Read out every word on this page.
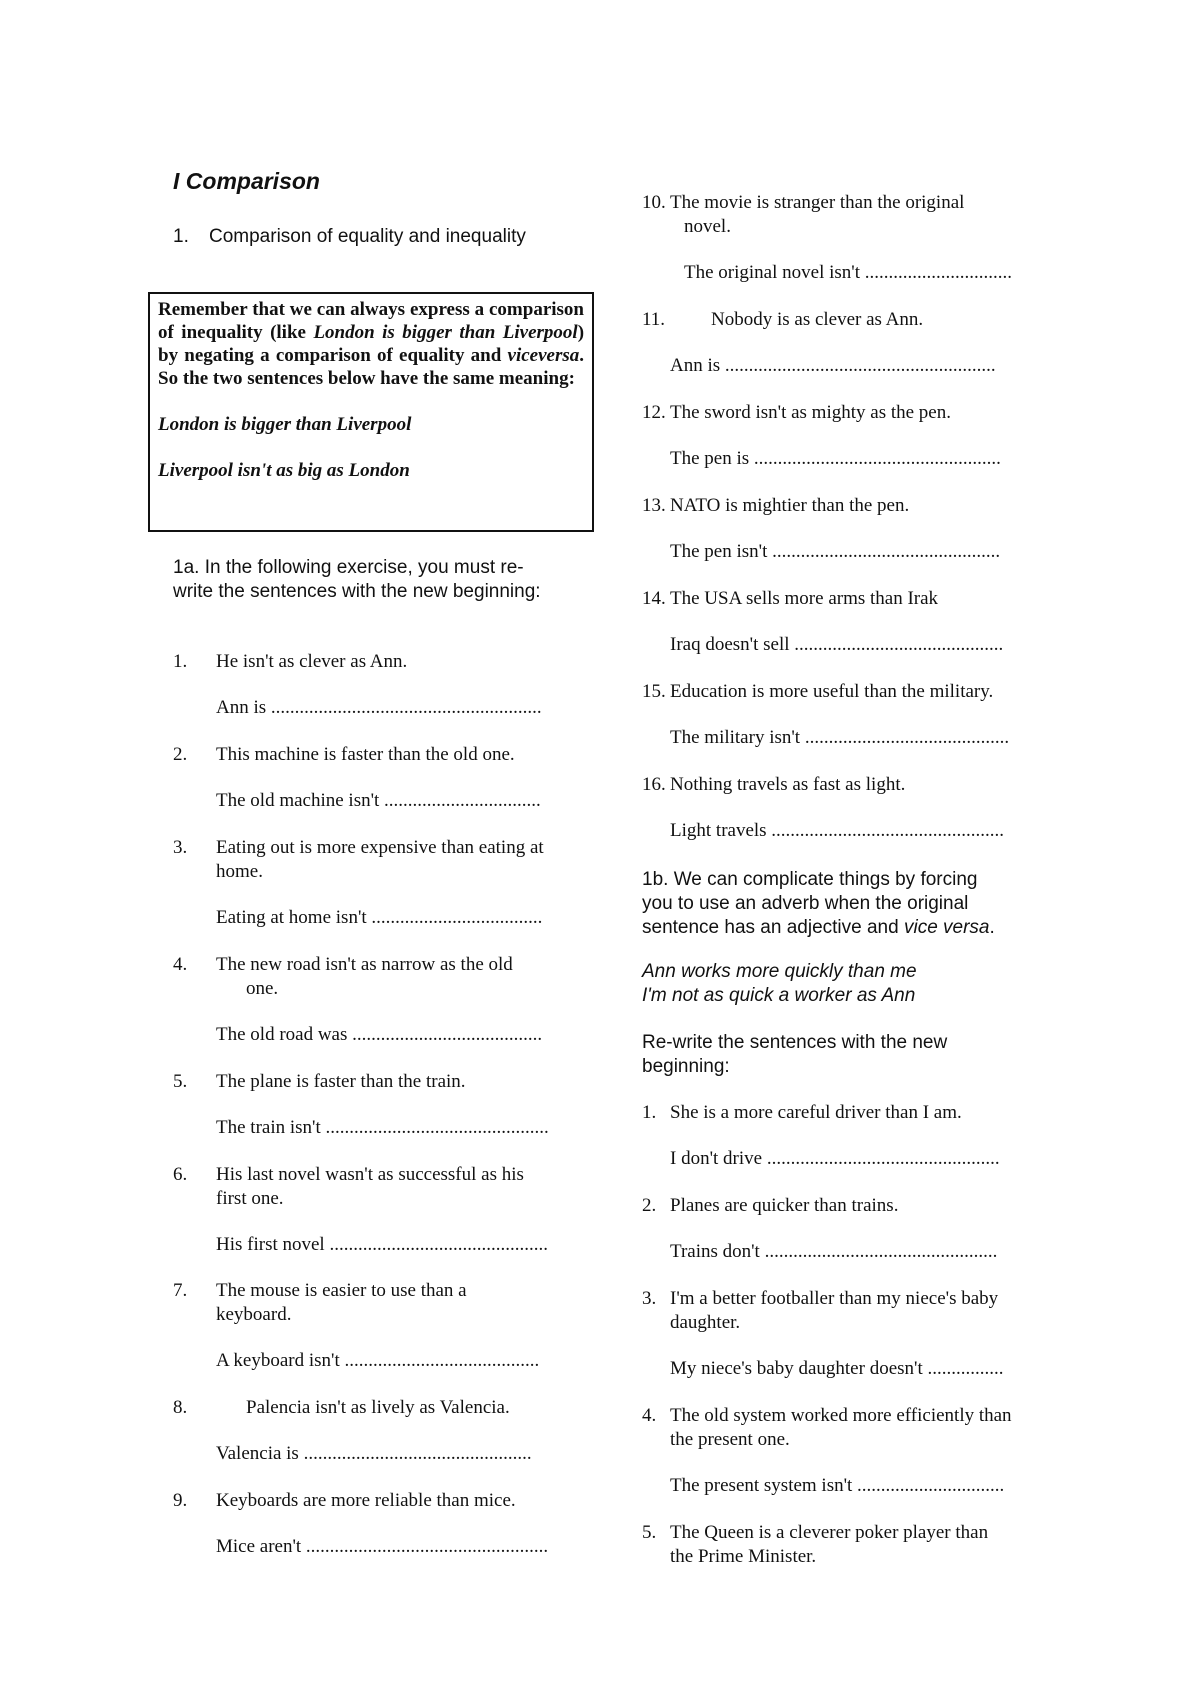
I Comparison
1. Comparison of equality and inequality

Remember that we can always express a comparison of inequality (like London is bigger than Liverpool) by negating a comparison of equality and viceversa. So the two sentences below have the same meaning:

London is bigger than Liverpool

Liverpool isn't as big as London

1a. In the following exercise, you must re-
write the sentences with the new beginning:
1. He isn't as clever as Ann.
Ann is .........................................................
2. This machine is faster than the old one.
The old machine isn't .................................
3. Eating out is more expensive than eating at
home.
Eating at home isn't ....................................
4. The new road isn't as narrow as the old
one.
The old road was ........................................
5. The plane is faster than the train.
The train isn't ...............................................
6. His last novel wasn't as successful as his
first one.
His first novel ..............................................
7. The mouse is easier to use than a
keyboard.
A keyboard isn't .........................................
8.	Palencia isn't as lively as Valencia.
Valencia is ................................................
9. Keyboards are more reliable than mice.
Mice aren't ...................................................
10. The movie is stranger than the original
novel.
The original novel isn't ...............................
11. Nobody is as clever as Ann.
Ann is .........................................................
12. The sword isn't as mighty as the pen.
The pen is ....................................................
13. NATO is mightier than the pen.
The pen isn't ................................................
14. The USA sells more arms than Irak
Iraq doesn't sell ............................................
15. Education is more useful than the military.
The military isn't ...........................................
16. Nothing travels as fast as light.
Light travels .................................................
1b. We can complicate things by forcing
you to use an adverb when the original
sentence has an adjective and vice versa.
Ann works more quickly than me
I'm not as quick a worker as Ann
Re-write the sentences with the new
beginning:
1. She is a more careful driver than I am.
I don't drive .................................................
2. Planes are quicker than trains.
Trains don't .................................................
3. I'm a better footballer than my niece's baby
daughter.
My niece's baby daughter doesn't ................
4. The old system worked more efficiently than
the present one.
The present system isn't ...............................
5. The Queen is a cleverer poker player than
the Prime Minister.
